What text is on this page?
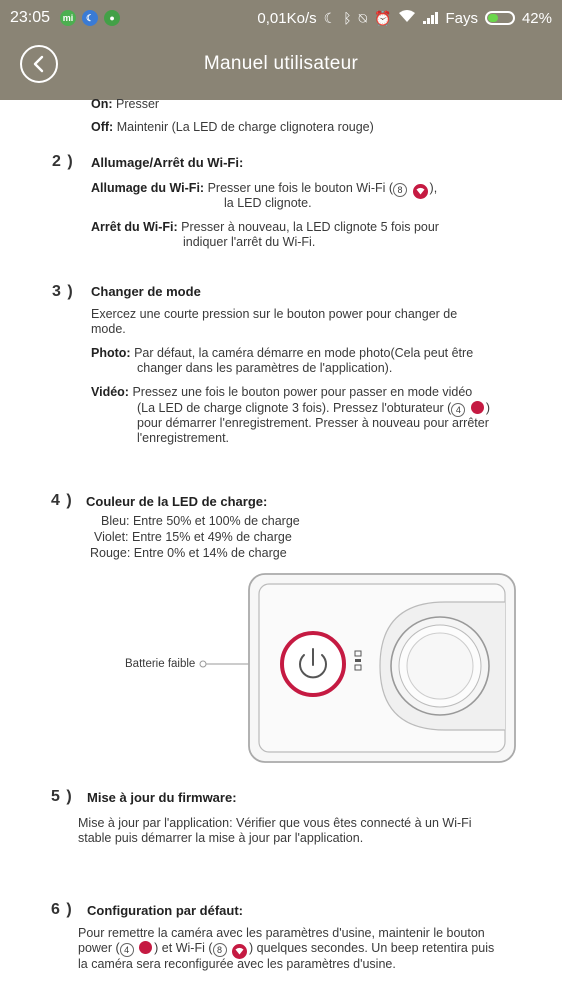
23:05	mi	☾	●	0,01Ko/s ☾ ᛒ ⍉ ⏰	Fays	42%
Manuel utilisateur
On: Presser
Off: Maintenir (La LED de charge clignotera rouge)
2 ) Allumage/Arrêt du Wi-Fi:
Allumage du Wi-Fi: Presser une fois le bouton Wi-Fi ( 8 ),
la LED clignote.
Arrêt du Wi-Fi: Presser à nouveau, la LED clignote 5 fois pour
indiquer l'arrêt du Wi-Fi.
3 ) Changer de mode
Exercez une courte pression sur le bouton power pour changer de
mode.
Photo: Par défaut, la caméra démarre en mode photo(Cela peut être
changer dans les paramètres de l'application).
Vidéo: Pressez une fois le bouton power pour passer en mode vidéo
(La LED de charge clignote 3 fois). Pressez l'obturateur ( 4 )
pour démarrer l'enregistrement. Presser à nouveau pour arrêter
l'enregistrement.
4 ) Couleur de la LED de charge:
Bleu: Entre 50% et 100% de charge
Violet: Entre 15% et 49% de charge
Rouge: Entre 0% et 14% de charge
Batterie faible
5 ) Mise à jour du firmware:
Mise à jour par l'application: Vérifier que vous êtes connecté à un Wi-Fi
stable puis démarrer la mise à jour par l'application.
6 ) Configuration par défaut:
Pour remettre la caméra avec les paramètres d'usine, maintenir le bouton
power ( 4 ) et Wi-Fi ( 8 ) quelques secondes. Un beep retentira puis
la caméra sera reconfigurée avec les paramètres d'usine.
